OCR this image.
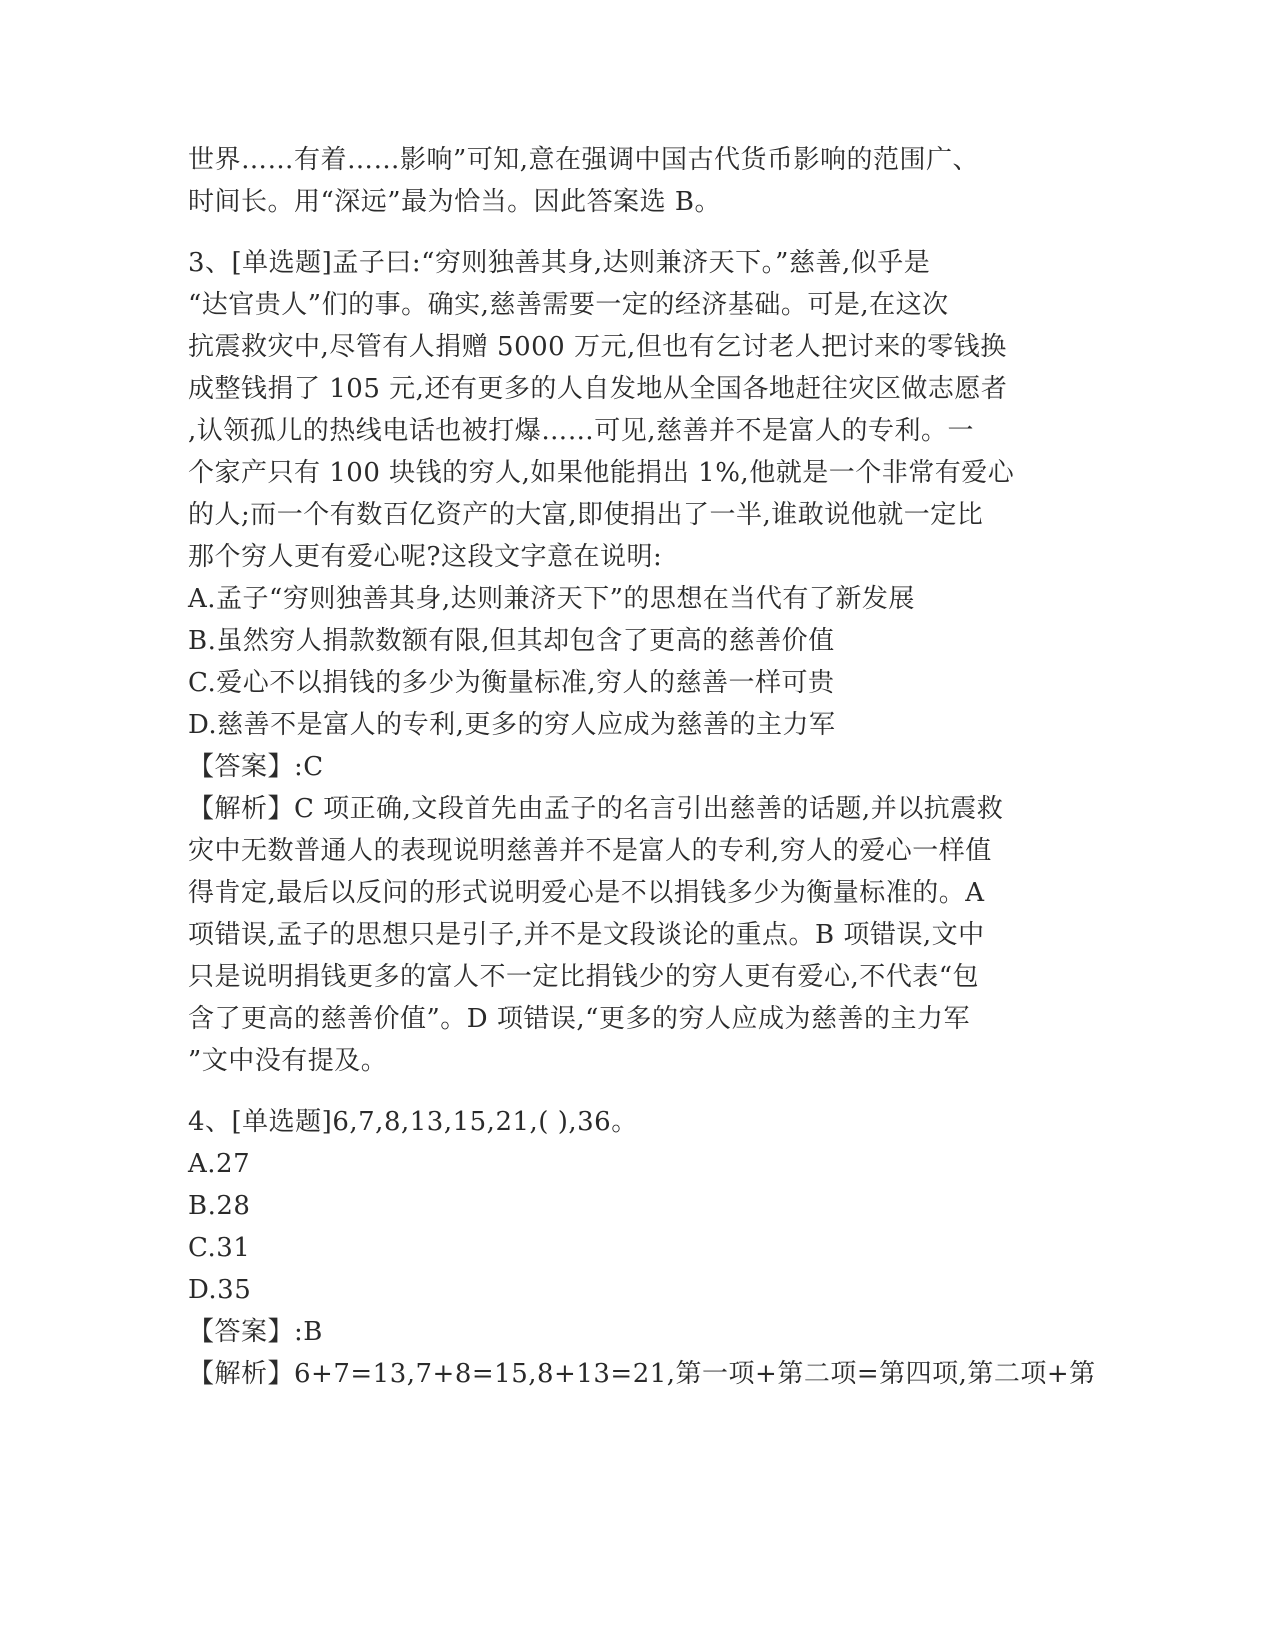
世界……有着……影响”可知,意在强调中国古代货币影响的范围广、
时间长。用“深远”最为恰当。因此答案选 B。
3、[单选题]孟子曰:“穷则独善其身,达则兼济天下。”慈善,似乎是
“达官贵人”们的事。确实,慈善需要一定的经济基础。可是,在这次
抗震救灾中,尽管有人捐赠 5000 万元,但也有乞讨老人把讨来的零钱换
成整钱捐了 105 元,还有更多的人自发地从全国各地赶往灾区做志愿者
,认领孤儿的热线电话也被打爆……可见,慈善并不是富人的专利。一
个家产只有 100 块钱的穷人,如果他能捐出 1%,他就是一个非常有爱心
的人;而一个有数百亿资产的大富,即使捐出了一半,谁敢说他就一定比
那个穷人更有爱心呢?这段文字意在说明:
A.孟子“穷则独善其身,达则兼济天下”的思想在当代有了新发展
B.虽然穷人捐款数额有限,但其却包含了更高的慈善价值
C.爱心不以捐钱的多少为衡量标准,穷人的慈善一样可贵
D.慈善不是富人的专利,更多的穷人应成为慈善的主力军
【答案】:C
【解析】C 项正确,文段首先由孟子的名言引出慈善的话题,并以抗震救
灾中无数普通人的表现说明慈善并不是富人的专利,穷人的爱心一样值
得肯定,最后以反问的形式说明爱心是不以捐钱多少为衡量标准的。A
项错误,孟子的思想只是引子,并不是文段谈论的重点。B 项错误,文中
只是说明捐钱更多的富人不一定比捐钱少的穷人更有爱心,不代表“包
含了更高的慈善价值”。D 项错误,“更多的穷人应成为慈善的主力军
”文中没有提及。
4、[单选题]6,7,8,13,15,21,( ),36。
A.27
B.28
C.31
D.35
【答案】:B
【解析】6+7=13,7+8=15,8+13=21,第一项+第二项=第四项,第二项+第
